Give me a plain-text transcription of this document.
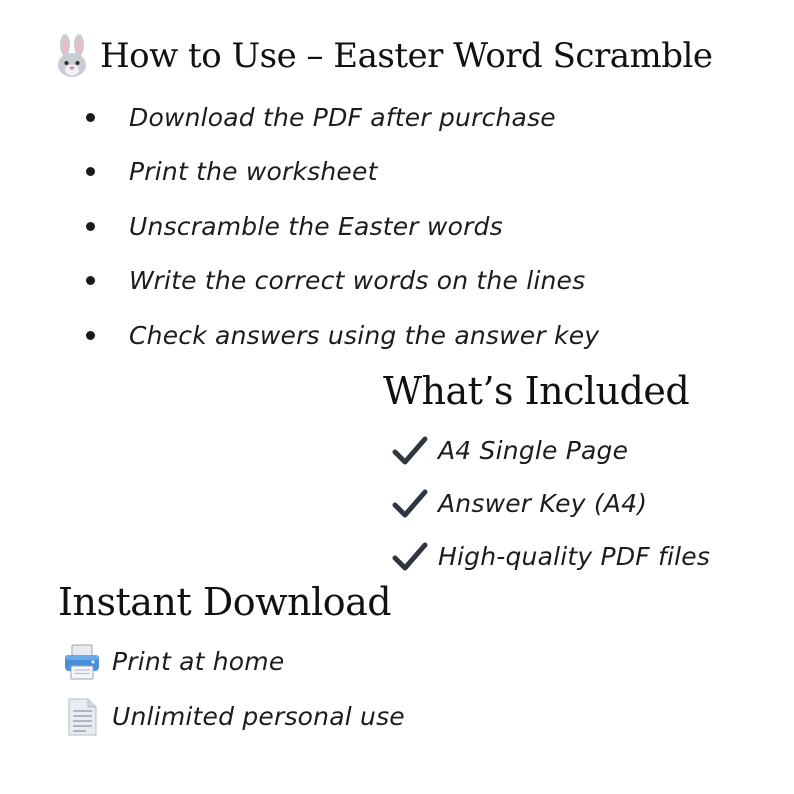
How to Use – Easter Word Scramble
Download the PDF after purchase
Print the worksheet
Unscramble the Easter words
Write the correct words on the lines
Check answers using the answer key
What’s Included
A4 Single Page
Answer Key (A4)
High-quality PDF files
Instant Download
Print at home
Unlimited personal use
